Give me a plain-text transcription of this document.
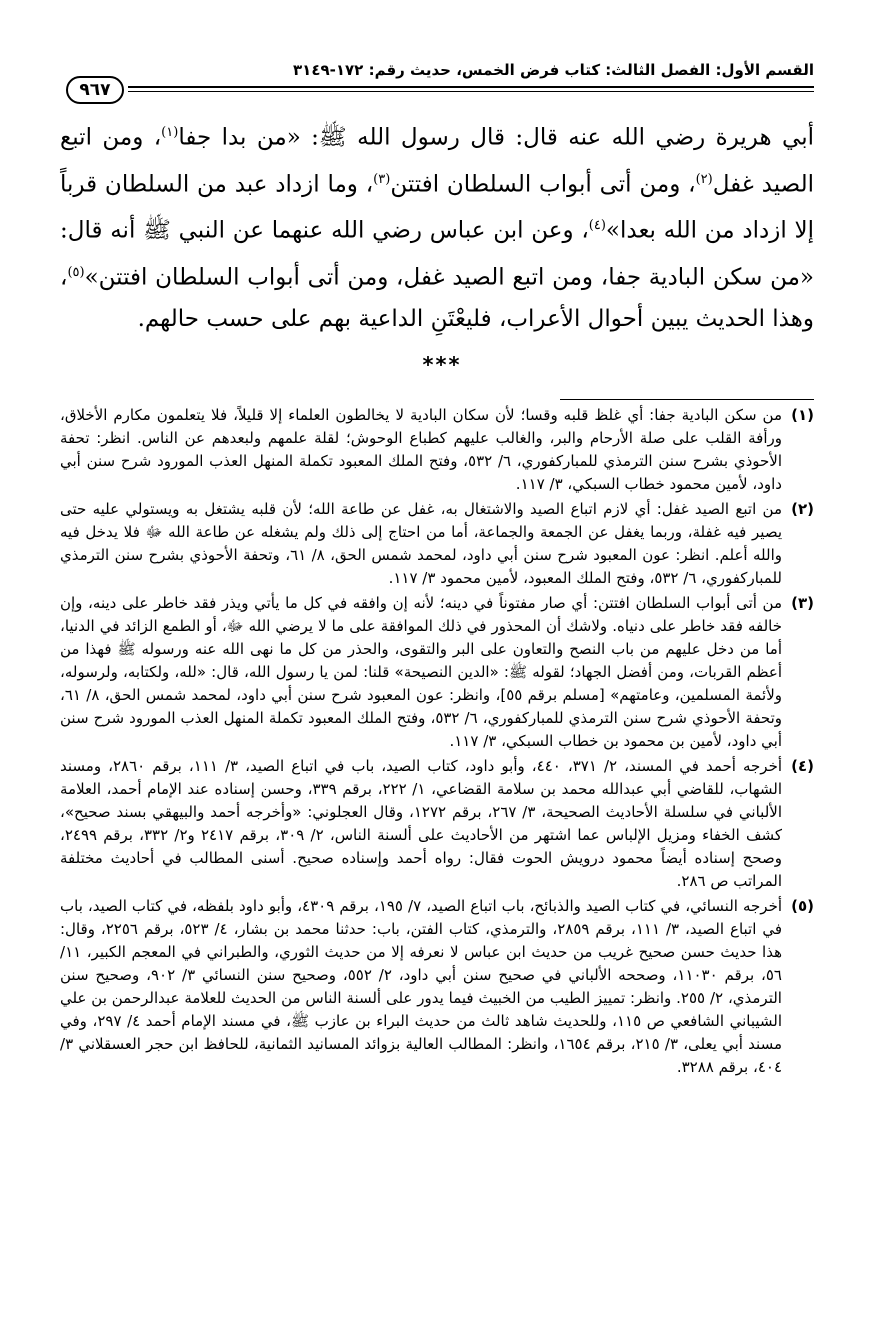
القسم الأول: الفصل الثالث: كتاب فرض الخمس، حديث رقم: ١٧٢-٣١٤٩
٩٦٧

أبي هريرة رضي الله عنه قال: قال رسول الله ﷺ: «من بدا جفا$^{(١)}$، ومن اتبع الصيد غفل$^{(٢)}$، ومن أتى أبواب السلطان افتتن$^{(٣)}$، وما ازداد عبد من السلطان قرباً إلا ازداد من الله بعدا»$^{(٤)}$، وعن ابن عباس رضي الله عنهما عن النبي ﷺ أنه قال: «من سكن البادية جفا، ومن اتبع الصيد غفل، ومن أتى أبواب السلطان افتتن»$^{(٥)}$، وهذا الحديث يبين أحوال الأعراب، فليعْتَنِ الداعية بهم على حسب حالهم.

***
(١)
من سكن البادية جفا: أي غلظ قلبه وقسا؛ لأن سكان البادية لا يخالطون العلماء إلا قليلاً، فلا يتعلمون مكارم الأخلاق، ورأفة القلب على صلة الأرحام والبر، والغالب عليهم كطباع الوحوش؛ لقلة علمهم ولبعدهم عن الناس. انظر: تحفة الأحوذي بشرح سنن الترمذي للمباركفوري، ٦/ ٥٣٢، وفتح الملك المعبود تكملة المنهل العذب المورود شرح سنن أبي داود، لأمين محمود خطاب السبكي، ٣/ ١١٧.
(٢)
من اتبع الصيد غفل: أي لازم اتباع الصيد والاشتغال به، غفل عن طاعة الله؛ لأن قلبه يشتغل به ويستولي عليه حتى يصير فيه غفلة، وربما يغفل عن الجمعة والجماعة، أما من احتاج إلى ذلك ولم يشغله عن طاعة الله ﷻ فلا يدخل فيه والله أعلم. انظر: عون المعبود شرح سنن أبي داود، لمحمد شمس الحق، ٨/ ٦١، وتحفة الأحوذي بشرح سنن الترمذي للمباركفوري، ٦/ ٥٣٢، وفتح الملك المعبود، لأمين محمود ٣/ ١١٧.
(٣)
من أتى أبواب السلطان افتتن: أي صار مفتوناً في دينه؛ لأنه إن وافقه في كل ما يأتي ويذر فقد خاطر على دينه، وإن خالفه فقد خاطر على دنياه. ولاشك أن المحذور في ذلك الموافقة على ما لا يرضي الله ﷻ، أو الطمع الزائد في الدنيا، أما من دخل عليهم من باب النصح والتعاون على البر والتقوى، والحذر من كل ما نهى الله عنه ورسوله ﷺ فهذا من أعظم القربات، ومن أفضل الجهاد؛ لقوله ﷺ: «الدين النصيحة» قلنا: لمن يا رسول الله، قال: «لله، ولكتابه، ولرسوله، ولأئمة المسلمين، وعامتهم» [مسلم برقم ٥٥]، وانظر: عون المعبود شرح سنن أبي داود، لمحمد شمس الحق، ٨/ ٦١، وتحفة الأحوذي شرح سنن الترمذي للمباركفوري، ٦/ ٥٣٢، وفتح الملك المعبود تكملة المنهل العذب المورود شرح سنن أبي داود، لأمين بن محمود بن خطاب السبكي، ٣/ ١١٧.
(٤)
أخرجه أحمد في المسند، ٢/ ٣٧١، ٤٤٠، وأبو داود، كتاب الصيد، باب في اتباع الصيد، ٣/ ١١١، برقم ٢٨٦٠، ومسند الشهاب، للقاضي أبي عبدالله محمد بن سلامة القضاعي، ١/ ٢٢٢، برقم ٣٣٩، وحسن إسناده عند الإمام أحمد، العلامة الألباني في سلسلة الأحاديث الصحيحة، ٣/ ٢٦٧، برقم ١٢٧٢، وقال العجلوني: «وأخرجه أحمد والبيهقي بسند صحيح»، كشف الخفاء ومزيل الإلباس عما اشتهر من الأحاديث على ألسنة الناس، ٢/ ٣٠٩، برقم ٢٤١٧ و٢/ ٣٣٢، برقم ٢٤٩٩، وصحح إسناده أيضاً محمود درويش الحوت فقال: رواه أحمد وإسناده صحيح. أسنى المطالب في أحاديث مختلفة المراتب ص ٢٨٦.
(٥)
أخرجه النسائي، في كتاب الصيد والذبائح، باب اتباع الصيد، ٧/ ١٩٥، برقم ٤٣٠٩، وأبو داود بلفظه، في كتاب الصيد، باب في اتباع الصيد، ٣/ ١١١، برقم ٢٨٥٩، والترمذي، كتاب الفتن، باب: حدثنا محمد بن بشار، ٤/ ٥٢٣، برقم ٢٢٥٦، وقال: هذا حديث حسن صحيح غريب من حديث ابن عباس لا نعرفه إلا من حديث الثوري، والطبراني في المعجم الكبير، ١١/ ٥٦، برقم ١١٠٣٠، وصححه الألباني في صحيح سنن أبي داود، ٢/ ٥٥٢، وصحيح سنن النسائي ٣/ ٩٠٢، وصحيح سنن الترمذي، ٢/ ٢٥٥. وانظر: تمييز الطيب من الخبيث فيما يدور على ألسنة الناس من الحديث للعلامة عبدالرحمن بن علي الشيباني الشافعي ص ١١٥، وللحديث شاهد ثالث من حديث البراء بن عازب ﷺ، في مسند الإمام أحمد ٤/ ٢٩٧، وفي مسند أبي يعلى، ٣/ ٢١٥، برقم ١٦٥٤، وانظر: المطالب العالية بزوائد المسانيد الثمانية، للحافظ ابن حجر العسقلاني ٣/ ٤٠٤، برقم ٣٢٨٨.
